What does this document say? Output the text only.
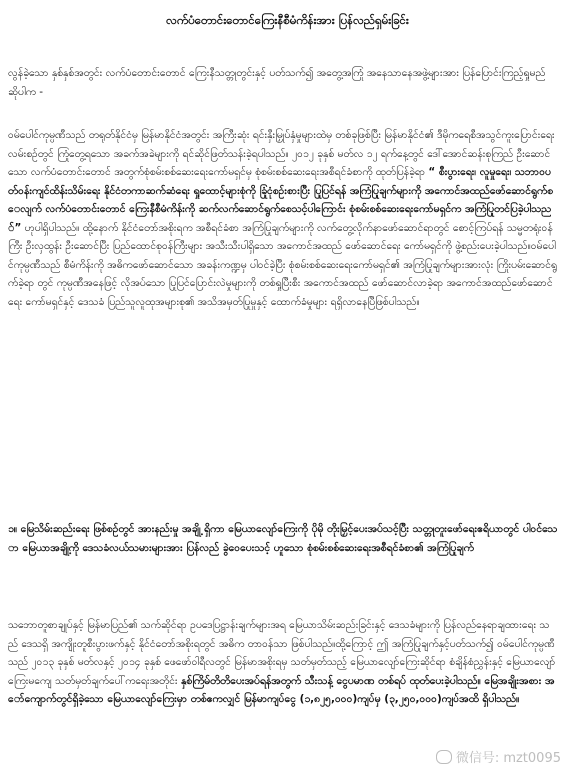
လက်ပံတောင်းတောင်ကြေးနီစီမံကိန်းအား ပြန်လည်ရှမ်းခြင်း

လွန်ခဲ့သော နှစ်နှစ်အတွင်း လက်ပံတောင်းတောင် ကြေးနီသတ္တုတွင်းနှင့် ပတ်သက်၍ အတွေ့အကြုံ အနေသာနေအဖွဲ့များအား ပြန်ပြောင်းကြည့်ရှုမည် ဆိုပါက -

ဝမ်ပေါင်ကုမ္ပဏီသည် တရုတ်နိုင်ငံမှ မြန်မာနိုင်ငံအတွင်း အကြီးဆုံး ရင်းနှီးမြှုပ်နှံမှုများထဲမှ တစ်ခုဖြစ်ပြီး မြန်မာနိုင်ငံ၏ ဒီမိုကရေစီအသွင်ကူးပြောင်းရေးလမ်းစဉ်တွင် ကြုံတွေ့ရသော အခက်အခဲများကို ရင်ဆိုင်ဖြတ်သန်းခဲ့ရပါသည်။ ၂၀၁၂ ခုနှစ် မတ်လ ၁၂ ရက်နေ့တွင် ဒေါ်အောင်ဆန်းစုကြည် ဦးဆောင်သော လက်ပံတောင်းတောင် အတွက်စုံစမ်းစစ်ဆေးရေးကော်မရှင်မှ စုံစမ်းစစ်ဆေးရေးအစီရင်ခံစာကို ထုတ်ပြန်ခဲ့ရာ “ စီးပွားရေး၊ လူမှုရေး၊ သဘာဝပတ်ဝန်းကျင်ထိန်းသိမ်းရေး နိုင်ငံတကာဆက်ဆံရေး ရှုထောင့်များစုံကို ခြုံငုံစဉ်းစားပြီး ပြုပြင်ရန် အကြံပြုချက်များကို အကောင်အထည်ဖော်ဆောင်ရွက်စေလျက် လက်ပံတောင်းတောင် ကြေးနီစီမံကိန်းကို ဆက်လက်ဆောင်ရွက်စေသင့်ပါကြောင်း စုံစမ်းစစ်ဆေးရေးကော်မရှင်က အကြံပြုတင်ပြခဲ့ပါသည်” ဟုပါရှိပါသည်။ ထို့နောက် နိုင်ငံတော်အစိုးရက အစီရင်ခံစာ အကြံပြုချက်များကို လက်တွေ့လိုက်နာဖော်ဆောင်ရာတွင် စောင့်ကြပ်ရန် သမ္မတရုံးဝန်ကြီး ဦးလှထွန်း ဦးဆောင်ပြီး ပြည်ထောင်စုဝန်ကြီးများ အသီးသီးပါရှိသော အကောင်အထည် ဖော်ဆောင်ရေး ကော်မရှင်ကို ဖွဲ့စည်းပေးခဲ့ပါသည်။ဝမ်ပေါင်ကုမ္ပဏီသည် စီမံကိန်းကို အဓိကဖော်ဆောင်သော အခန်းကဏ္ဍမှ ပါဝင်ခဲ့ပြီး စုံစမ်းစစ်ဆေးရေးကော်မရှင်၏ အကြံပြုချက်များအားလုံး ကြိုးပမ်းဆောင်ရွက်ခဲ့ရာ တွင် ကုမ္ပဏီအနေဖြင့် လိုအပ်သော ပြုပြင်ပြောင်းလဲမှုများကို တစ်ရှုပြီးစီး အကောင်အထည် ဖော်ဆောင်လာခဲ့ရာ အကောင်အထည်ဖော်ဆောင်ရေး ကော်မရှင်နှင့် ဒေသခံ ပြည်သူလူထုအများစု၏ အသိအမှတ်ပြုမှုနှင့် ထောက်ခံမှုများ ရရှိလာနေပြီဖြစ်ပါသည်။

၁။ မြေသိမ်းဆည်းရေး ဖြစ်စဉ်တွင် အားနည်းမှု အချို့ ရှိကာ မြေယာလျော်ကြေးကို ပိုမို တိုးမြှင့်ပေးအပ်သင့်ပြီး သတ္တုတူးဖော်ရေးဧရိယာတွင် ပါဝင်သော မြေယာအချို့ကို ဒေသခံလယ်သမားများအား ပြန်လည် ခွဲဝေပေးသင့် ဟူသော စုံစမ်းစစ်ဆေးရေးအစီရင်ခံစာ၏ အကြံပြုချက်

သဘောတူစာချုပ်နှင့် မြန်မာပြည်၏ သက်ဆိုင်ရာ ဥပဒေပြဋ္ဌာန်းချက်များအရ မြေယာသိမ်းဆည်းခြင်းနှင့် ဒေသခံများကို ပြန်လည်နေရာချထားရေး သည် ဒေသရှိ အကျိုးတူစီးပွားဖက်နှင့် နိုင်ငံတော်အစိုးရတွင် အဓိက တာဝန်သာ ဖြစ်ပါသည်။ထို့ကြောင့် ဤ အကြံပြုချက်နှင့်ပတ်သက်၍ ဝမ်ပေါင်ကုမ္ပဏီသည် ၂၀၁၃ ခုနှစ် မတ်လနှင့် ၂၀၁၄ ခုနှစ် ဖေဖော်ဝါရီလတွင် မြန်မာအစိုးရမှ သတ်မှတ်သည့် မြေယာလျော်ကြေးဆိုင်ရာ စံချိန်စံညွှန်းနှင့် မြေယာလျော်ကြေးမကျေ သတ်မှတ်ချက်ပေါ်ကရေးအတိုင်း နှစ်ကြိမ်တိတိပေးအပ်ရန်အတွက် သီးသန့် ငွေပမာဏ တစ်ရပ် ထုတ်ပေးခဲ့ပါသည်။ မြေအချိုးအစား အော်ကျောက်တွင်ရှိခဲ့သော မြေယာလျော်ကြေးမှာ တစ်ဧကလျှင် မြန်မာကျပ်ငွေ (၁,၈၂၅,၀၀၀)ကျပ်မှ (၃,၂၅၀,၀၀၀)ကျပ်အထိ ရှိပါသည်။

微信号: mzt0095
